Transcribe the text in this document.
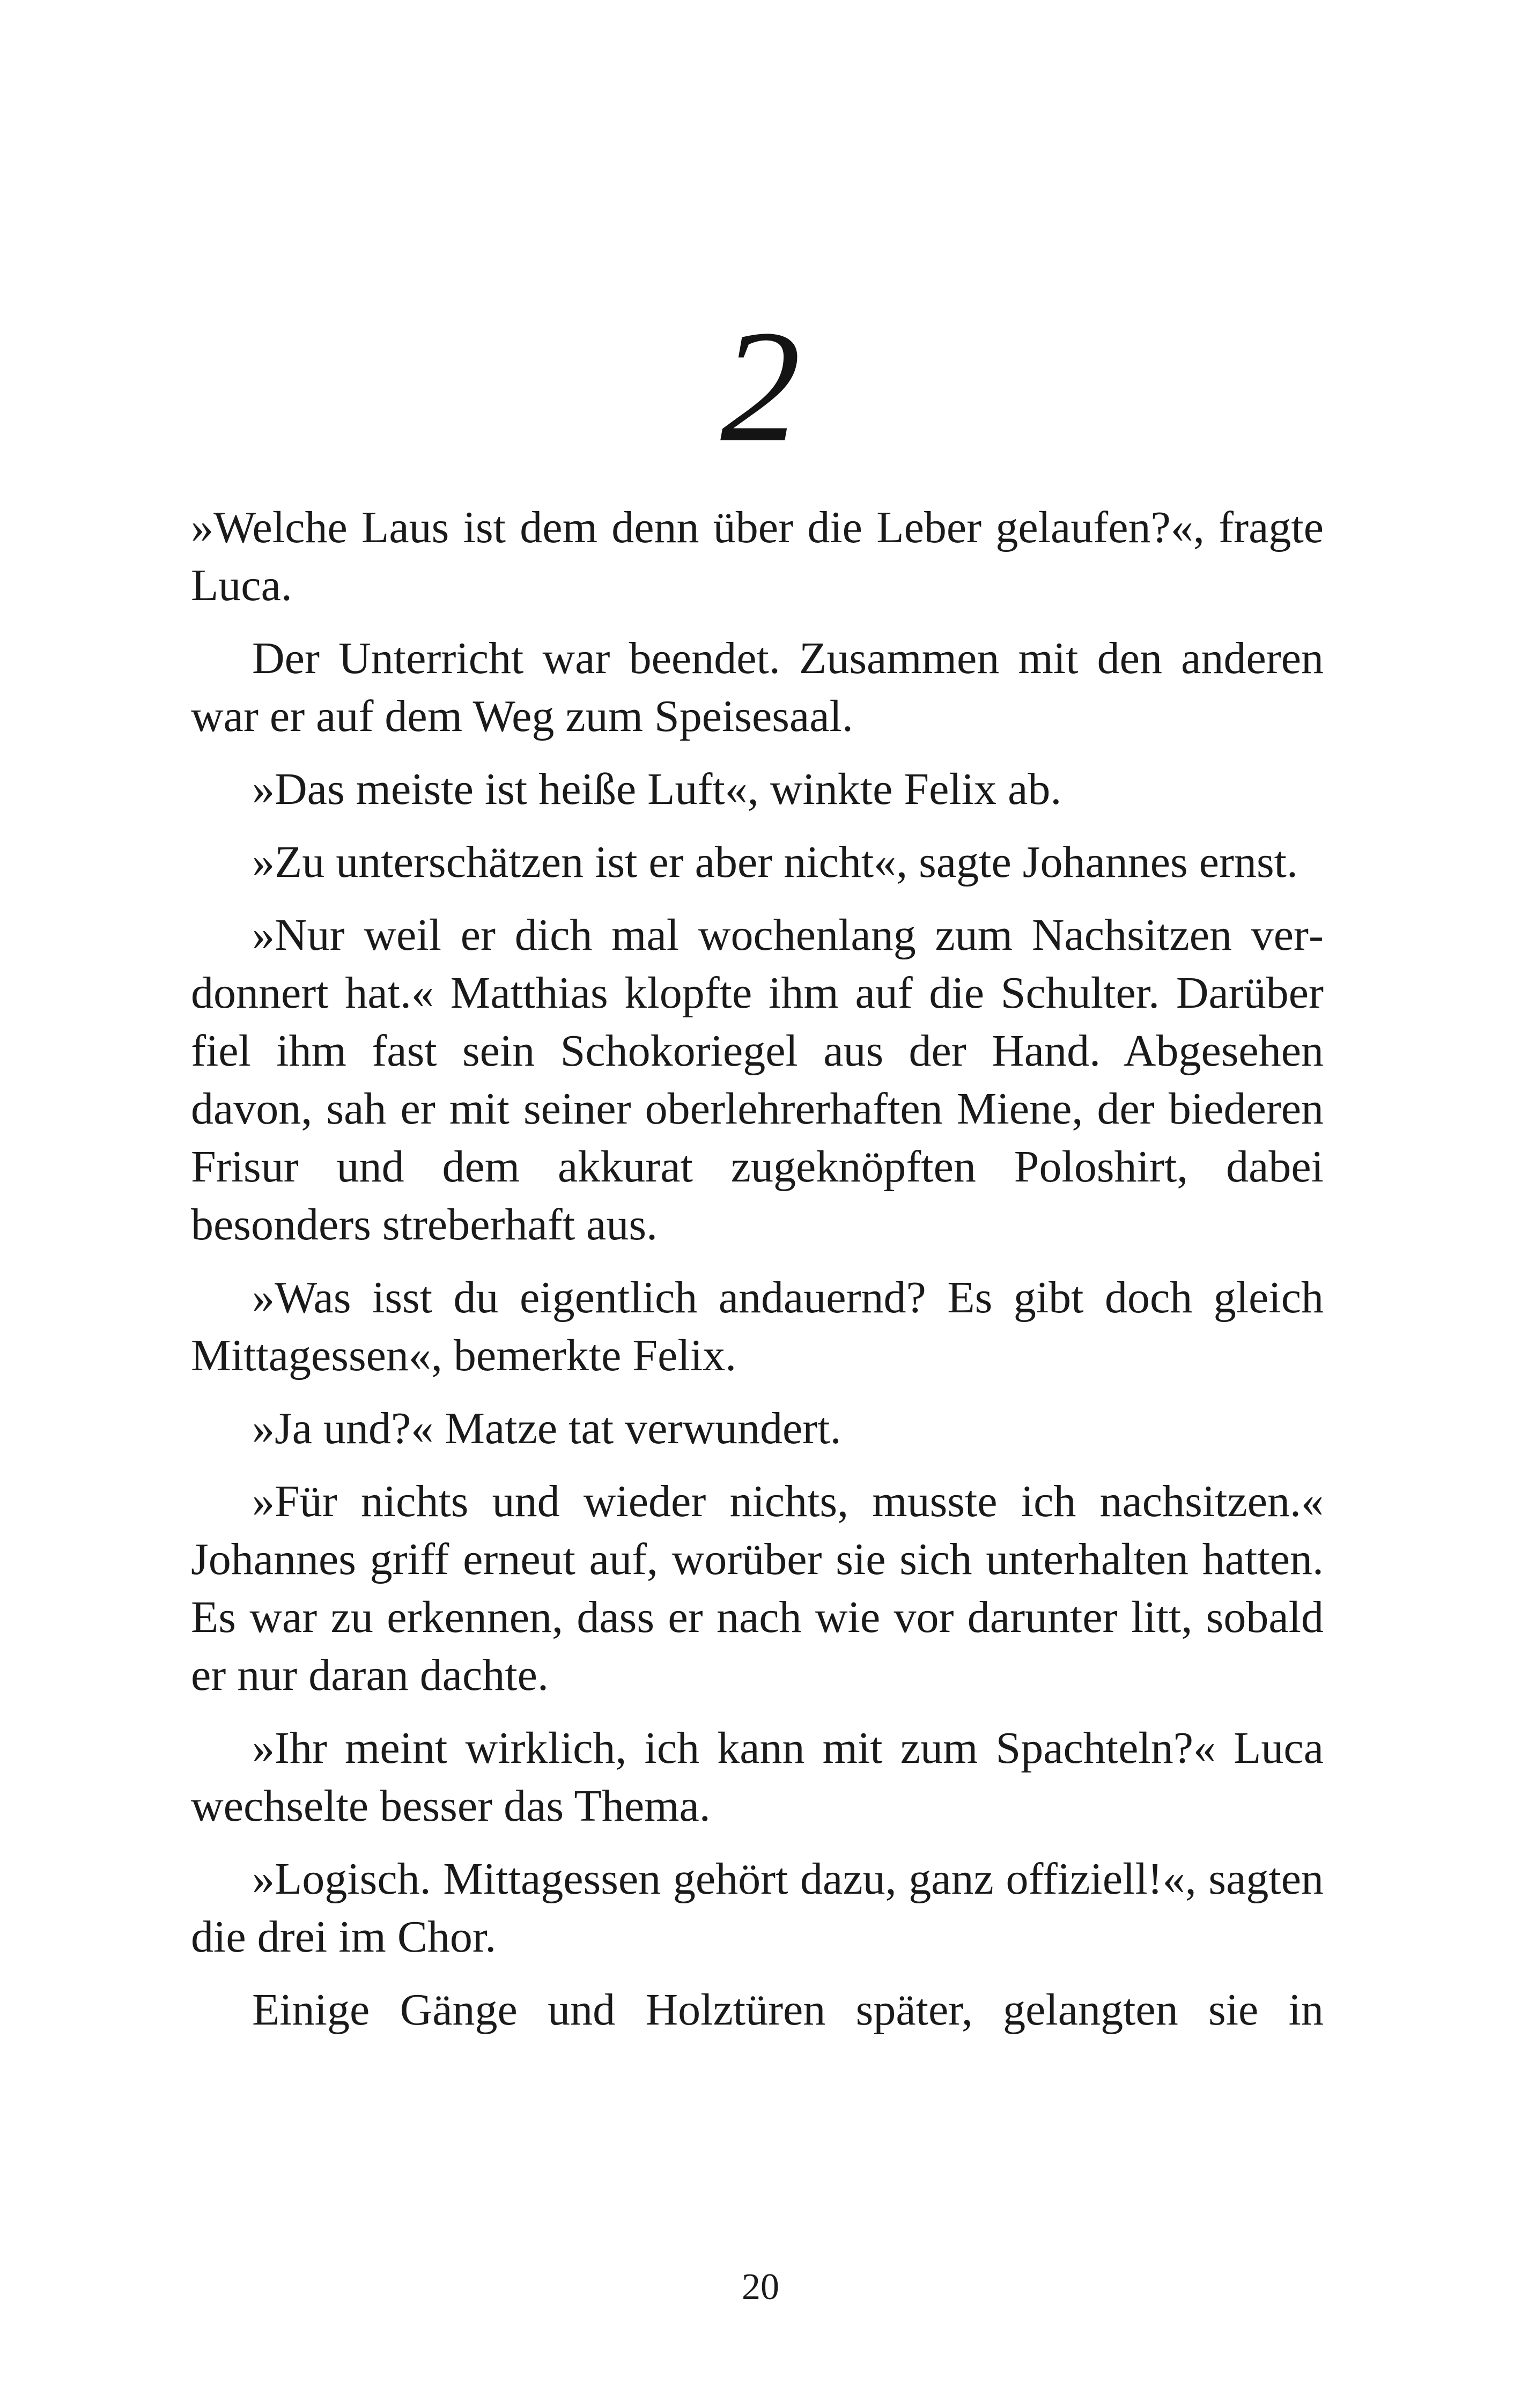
2

»Welche Laus ist dem denn über die Leber gelaufen?«, fragte Luca.

Der Unterricht war beendet. Zusammen mit den anderen war er auf dem Weg zum Speisesaal.

»Das meiste ist heiße Luft«, winkte Felix ab.

»Zu unterschätzen ist er aber nicht«, sagte Johannes ernst.

»Nur weil er dich mal wochenlang zum Nachsitzen verdonnert hat.« Matthias klopfte ihm auf die Schulter. Darüber fiel ihm fast sein Schokoriegel aus der Hand. Abgesehen davon, sah er mit seiner oberlehrerhaften Miene, der biederen Frisur und dem akkurat zugeknöpften Poloshirt, dabei besonders streberhaft aus.

»Was isst du eigentlich andauernd? Es gibt doch gleich Mittagessen«, bemerkte Felix.

»Ja und?« Matze tat verwundert.

»Für nichts und wieder nichts, musste ich nachsitzen.« Johannes griff erneut auf, worüber sie sich unterhalten hatten. Es war zu erkennen, dass er nach wie vor darunter litt, sobald er nur daran dachte.

»Ihr meint wirklich, ich kann mit zum Spachteln?« Luca wechselte besser das Thema.

»Logisch. Mittagessen gehört dazu, ganz offiziell!«, sagten die drei im Chor.

Einige Gänge und Holztüren später, gelangten sie in

20
